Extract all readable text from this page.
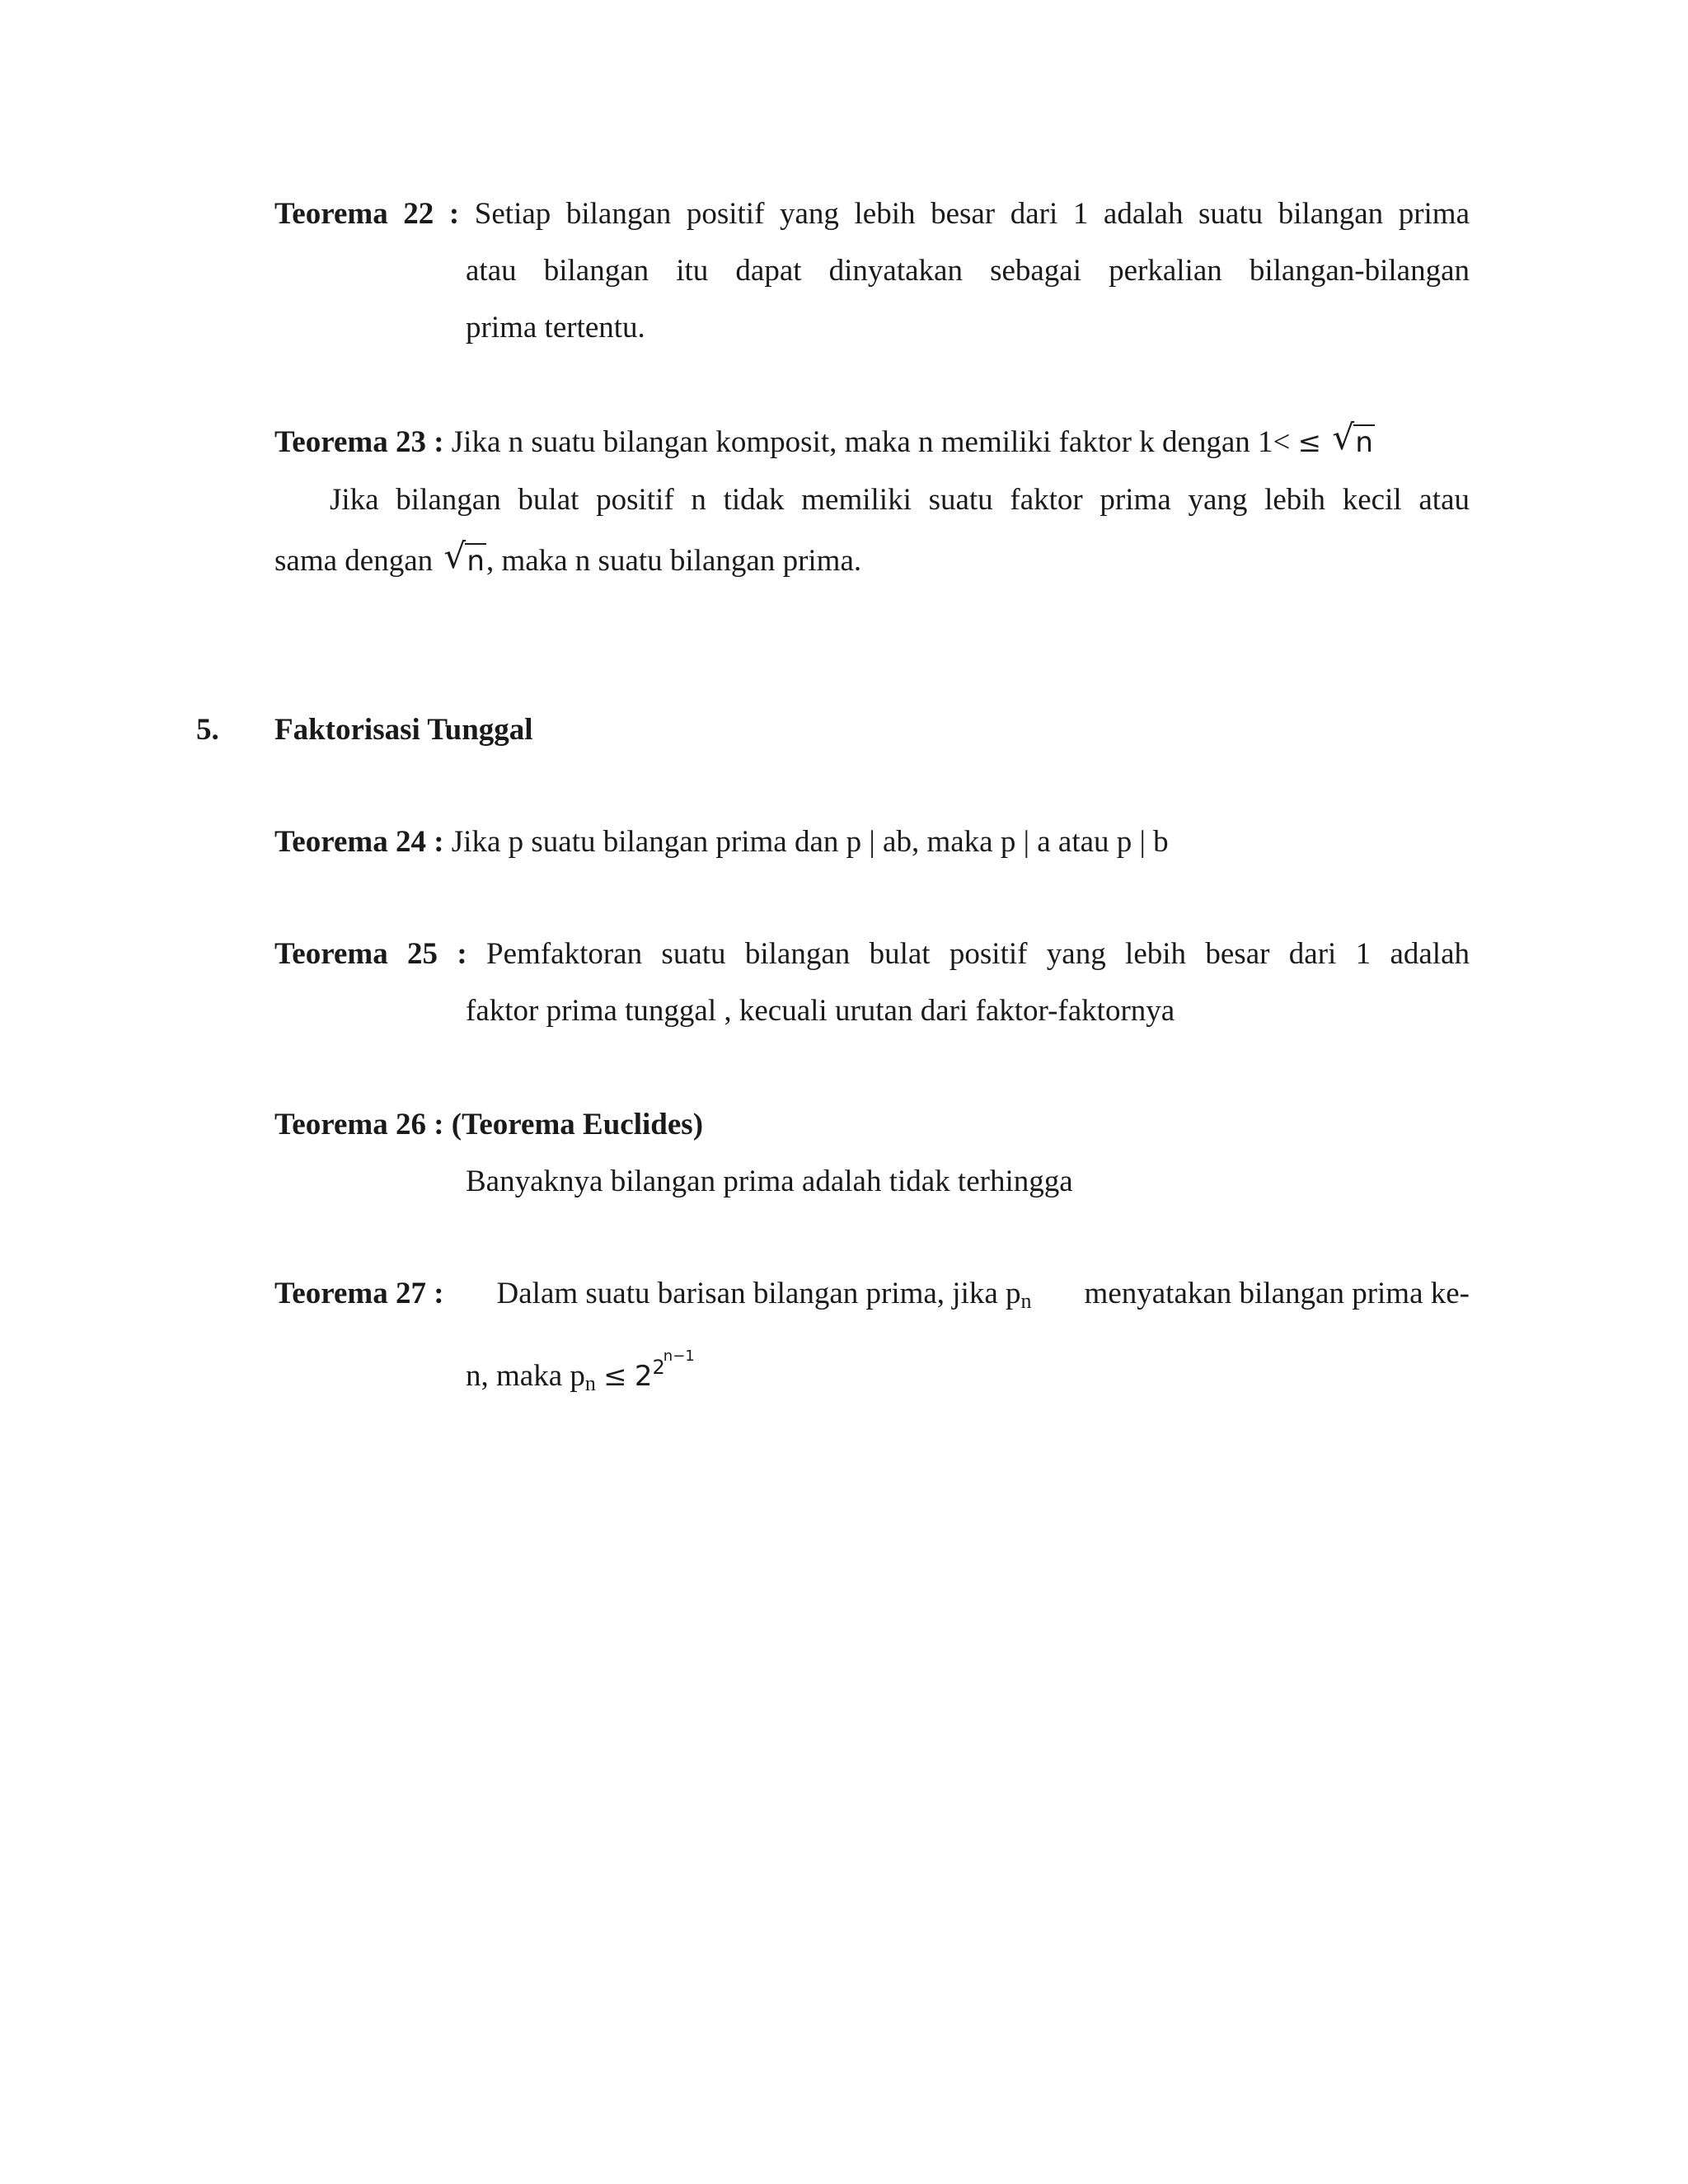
Teorema 22 : Setiap bilangan positif yang lebih besar dari 1 adalah suatu bilangan prima
atau bilangan itu dapat dinyatakan sebagai perkalian bilangan-bilangan
prima tertentu.
Teorema 23 : Jika n suatu bilangan komposit, maka n memiliki faktor k dengan 1< ≤ √ n
Jika bilangan bulat positif n tidak memiliki suatu faktor prima yang lebih kecil atau
sama dengan √ n, maka n suatu bilangan prima.
5. Faktorisasi Tunggal
Teorema 24 : Jika p suatu bilangan prima dan p | ab, maka p | a atau p | b
Teorema 25 : Pemfaktoran suatu bilangan bulat positif yang lebih besar dari 1 adalah
faktor prima tunggal , kecuali urutan dari faktor-faktornya
Teorema 26 : (Teorema Euclides)
Banyaknya bilangan prima adalah tidak terhingga
Teorema 27 : Dalam suatu barisan bilangan prima, jika $p_n$ menyatakan bilangan prima ke-
n, maka $p_n \le 2^{2n-1}$
